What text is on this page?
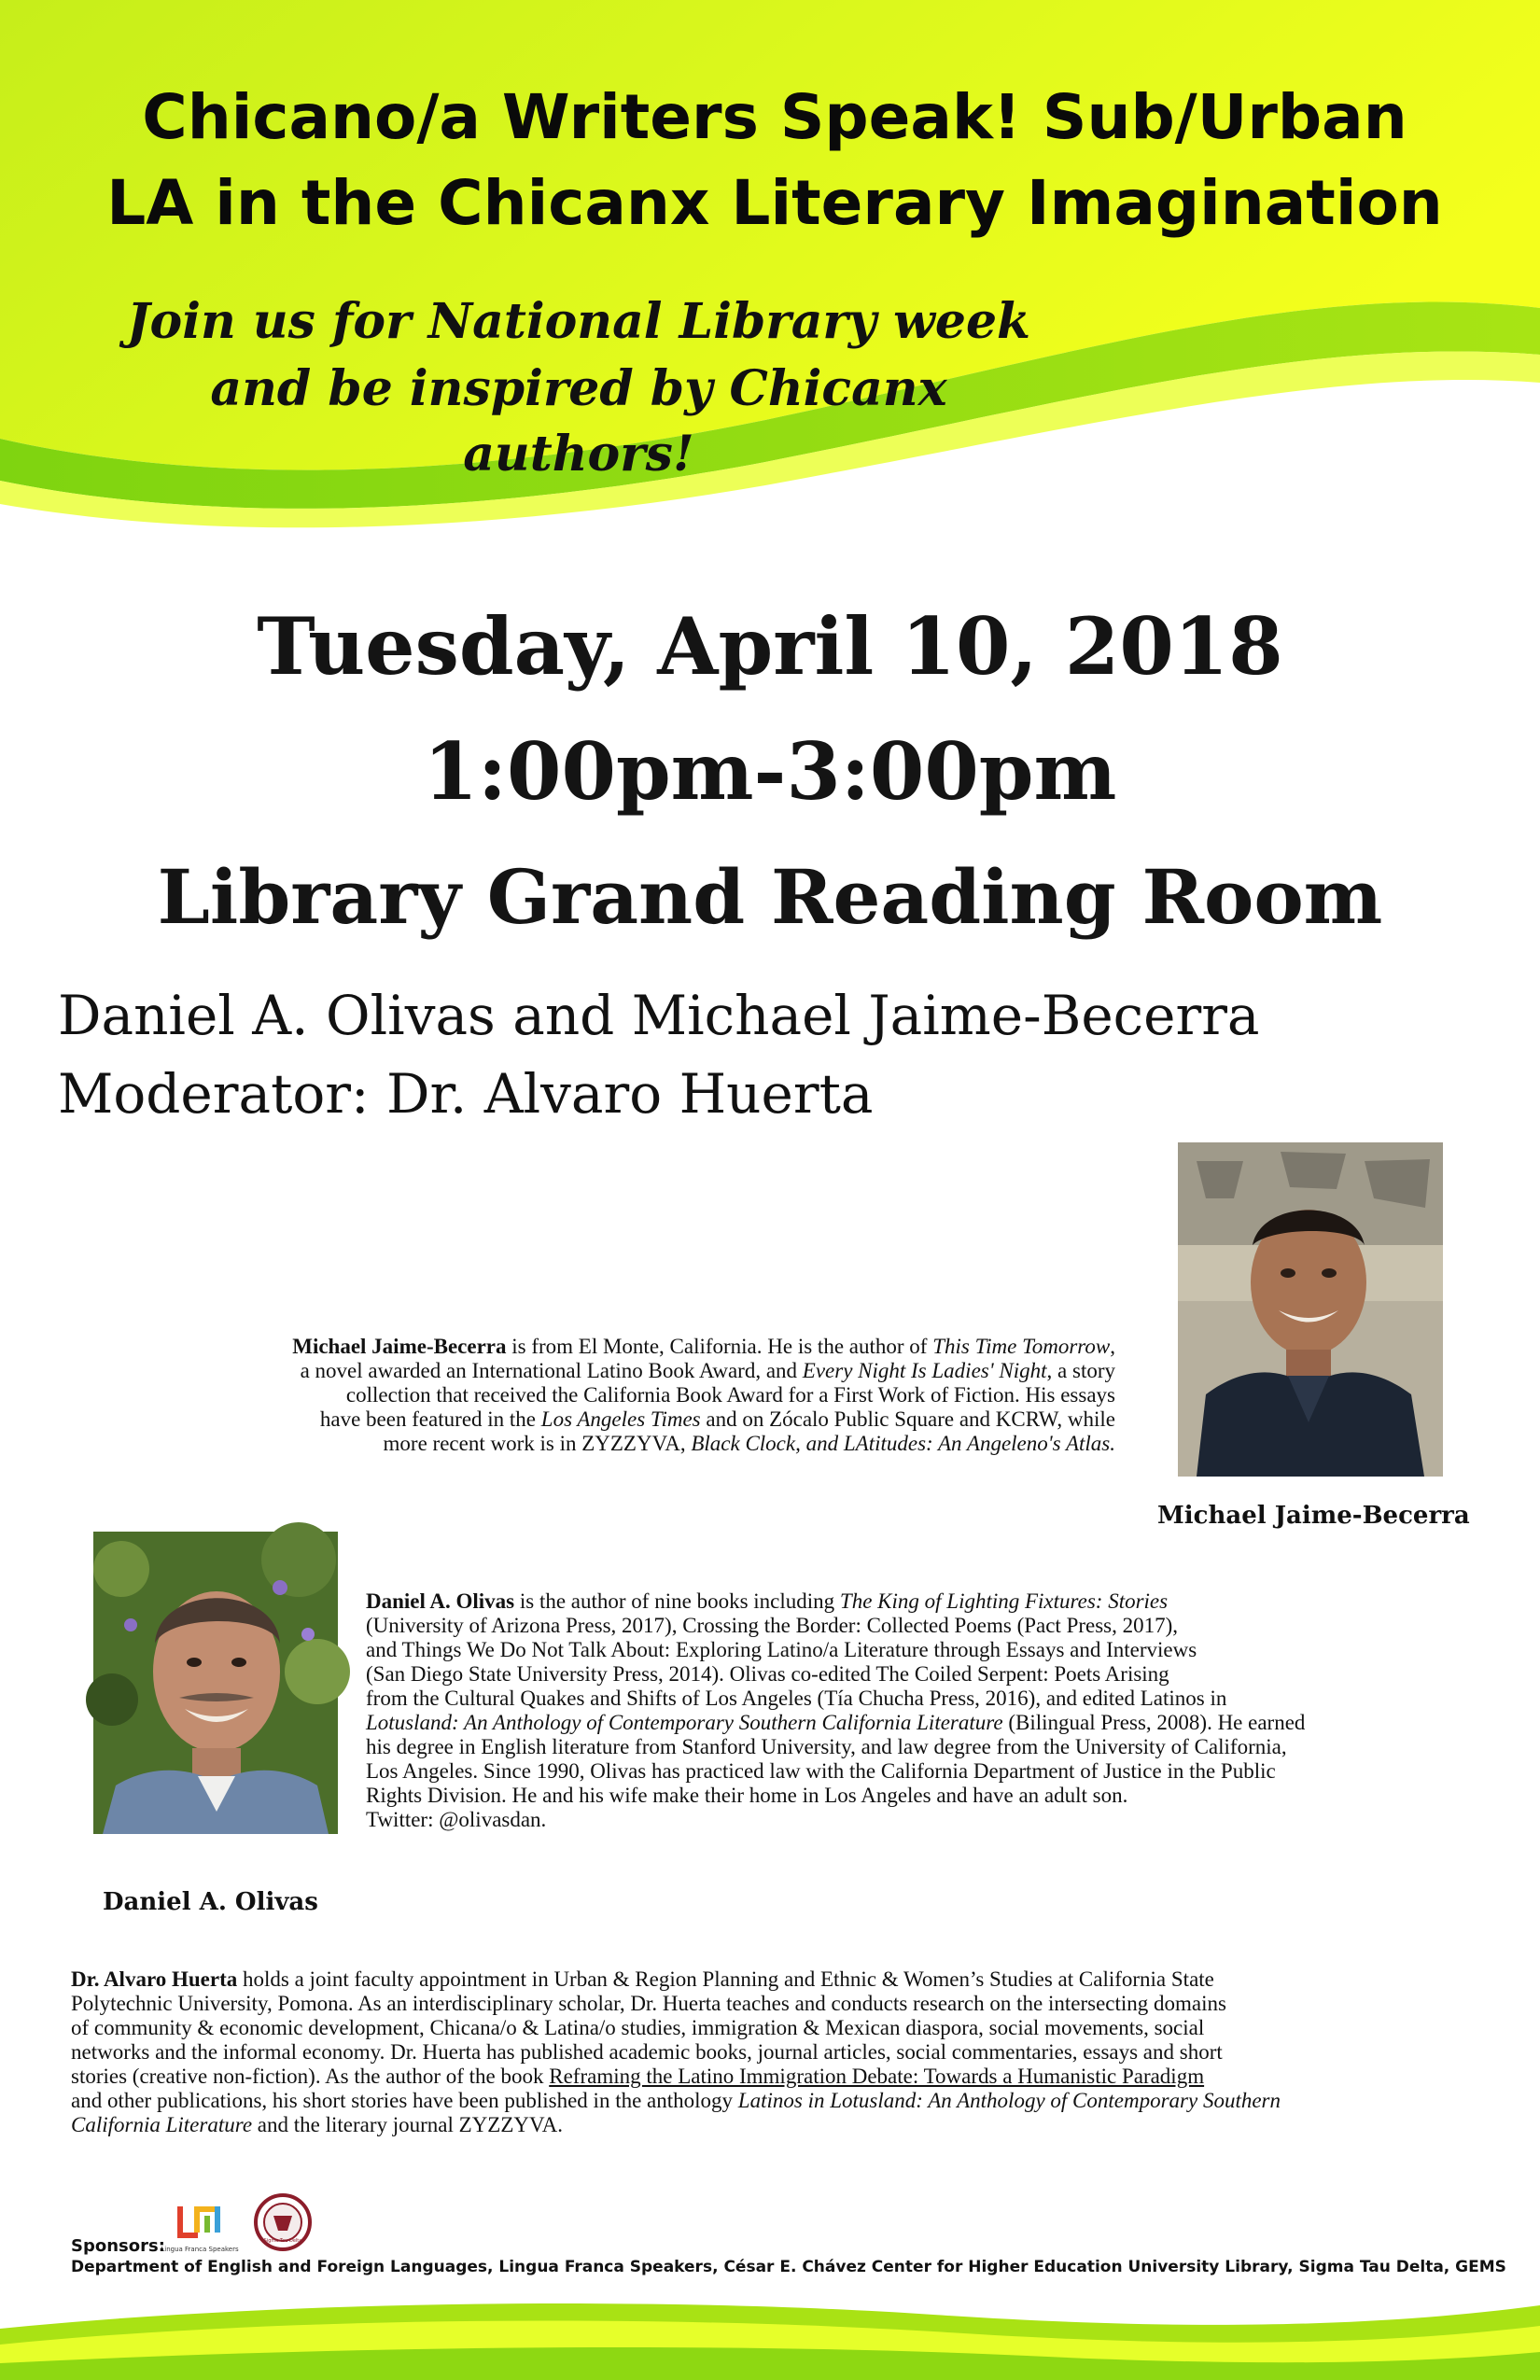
Chicano/a Writers Speak! Sub/Urban
LA in the Chicanx Literary Imagination
Join us for National Library week
and be inspired by Chicanx authors!
Tuesday, April 10, 2018
1:00pm-3:00pm
Library Grand Reading Room
Daniel A. Olivas and Michael Jaime-Becerra
Moderator: Dr. Alvaro Huerta
Michael Jaime-Becerra
Daniel A. Olivas
Michael Jaime-Becerra is from El Monte, California. He is the author of This Time Tomorrow,
a novel awarded an International Latino Book Award, and Every Night Is Ladies' Night, a story
collection that received the California Book Award for a First Work of Fiction. His essays
have been featured in the Los Angeles Times and on Zócalo Public Square and KCRW, while
more recent work is in ZYZZYVA, Black Clock, and LAtitudes: An Angeleno's Atlas.
Daniel A. Olivas is the author of nine books including The King of Lighting Fixtures: Stories
(University of Arizona Press, 2017), Crossing the Border: Collected Poems (Pact Press, 2017),
and Things We Do Not Talk About: Exploring Latino/a Literature through Essays and Interviews
(San Diego State University Press, 2014). Olivas co-edited The Coiled Serpent: Poets Arising
from the Cultural Quakes and Shifts of Los Angeles (Tía Chucha Press, 2016), and edited Latinos in
Lotusland: An Anthology of Contemporary Southern California Literature (Bilingual Press, 2008). He earned
his degree in English literature from Stanford University, and law degree from the University of California,
Los Angeles. Since 1990, Olivas has practiced law with the California Department of Justice in the Public
Rights Division. He and his wife make their home in Los Angeles and have an adult son.
Twitter: @olivasdan.
Dr. Alvaro Huerta holds a joint faculty appointment in Urban & Region Planning and Ethnic & Women’s Studies at California State
Polytechnic University, Pomona. As an interdisciplinary scholar, Dr. Huerta teaches and conducts research on the intersecting domains
of community & economic development, Chicana/o & Latina/o studies, immigration & Mexican diaspora, social movements, social
networks and the informal economy. Dr. Huerta has published academic books, journal articles, social commentaries, essays and short
stories (creative non-fiction). As the author of the book Reframing the Latino Immigration Debate: Towards a Humanistic Paradigm
and other publications, his short stories have been published in the anthology Latinos in Lotusland: An Anthology of Contemporary Southern
California Literature and the literary journal ZYZZYVA.
Lingua Franca Speakers
Sigma Tau Delta
Sponsors:
Department of English and Foreign Languages, Lingua Franca Speakers, César E. Chávez Center for Higher Education University Library, Sigma Tau Delta, GEMS
